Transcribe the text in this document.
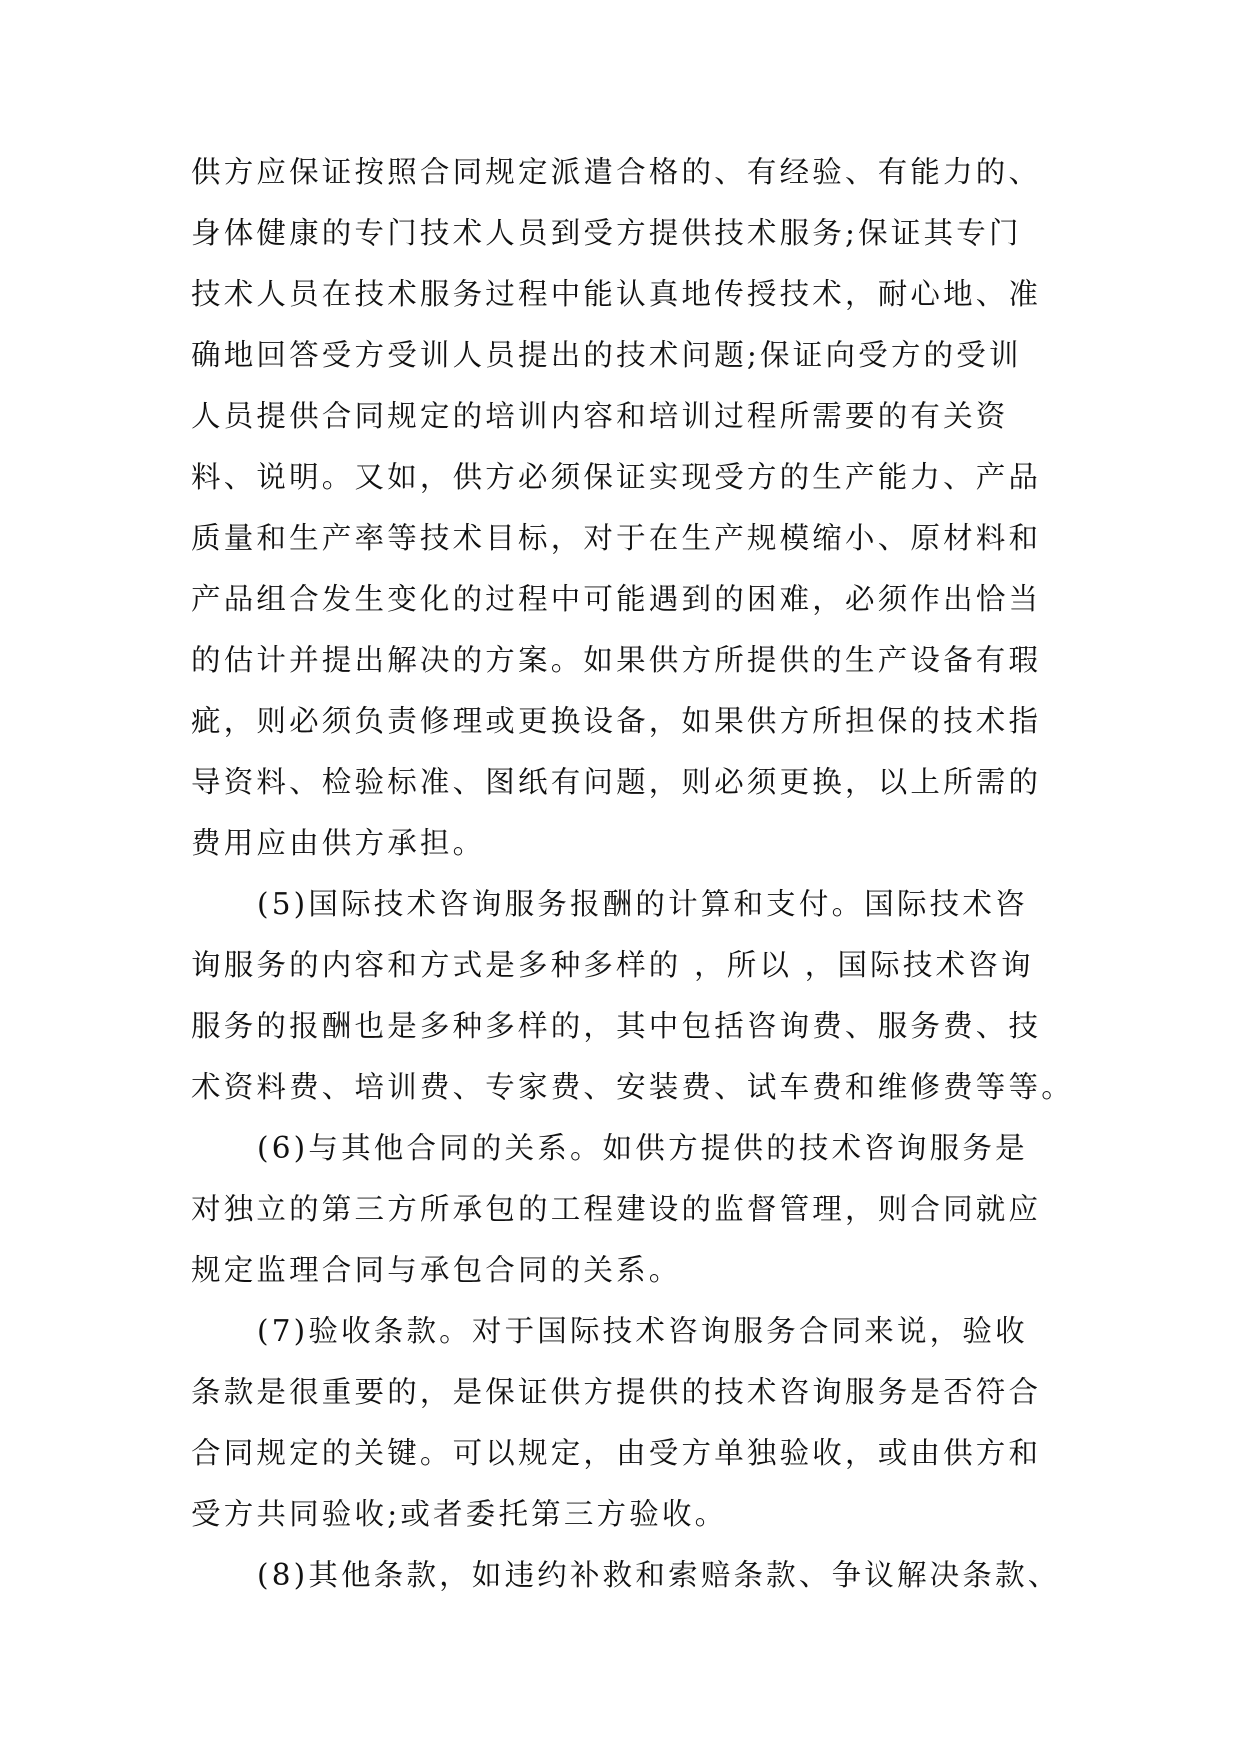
供方应保证按照合同规定派遣合格的、有经验、有能力的、
身体健康的专门技术人员到受方提供技术服务;保证其专门
技术人员在技术服务过程中能认真地传授技术，耐心地、准
确地回答受方受训人员提出的技术问题;保证向受方的受训
人员提供合同规定的培训内容和培训过程所需要的有关资
料、说明。又如，供方必须保证实现受方的生产能力、产品
质量和生产率等技术目标，对于在生产规模缩小、原材料和
产品组合发生变化的过程中可能遇到的困难，必须作出恰当
的估计并提出解决的方案。如果供方所提供的生产设备有瑕
疵，则必须负责修理或更换设备，如果供方所担保的技术指
导资料、检验标准、图纸有问题，则必须更换，以上所需的
费用应由供方承担。
(5)国际技术咨询服务报酬的计算和支付。国际技术咨
询服务的内容和方式是多种多样的 ，所以 ，国际技术咨询
服务的报酬也是多种多样的，其中包括咨询费、服务费、技
术资料费、培训费、专家费、安装费、试车费和维修费等等。
(6)与其他合同的关系。如供方提供的技术咨询服务是
对独立的第三方所承包的工程建设的监督管理，则合同就应
规定监理合同与承包合同的关系。
(7)验收条款。对于国际技术咨询服务合同来说，验收
条款是很重要的，是保证供方提供的技术咨询服务是否符合
合同规定的关键。可以规定，由受方单独验收，或由供方和
受方共同验收;或者委托第三方验收。
(8)其他条款，如违约补救和索赔条款、争议解决条款、
